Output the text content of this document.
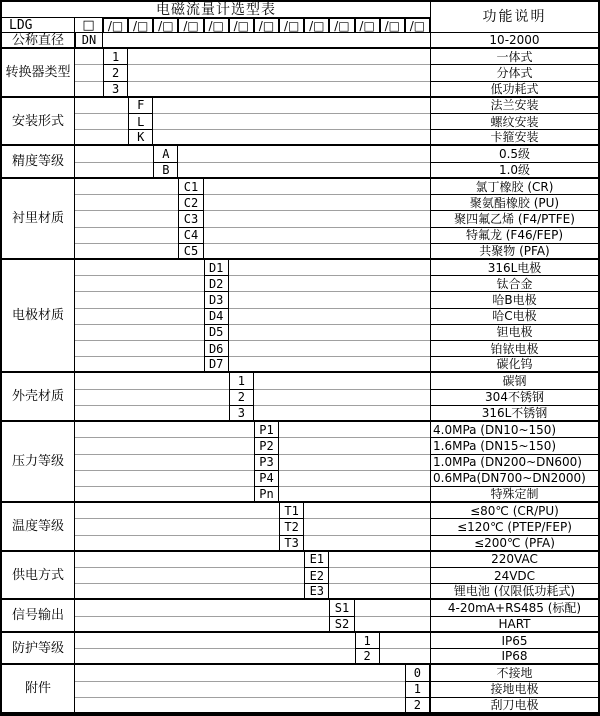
电磁流量计选型表	功能说明
LDG	□	/□ /□ /□ /□ /□ /□ /□ /□ /□ /□ /□ /□ /□
公称直径	DN	10-2000
转换器类型
1	一体式
2	分体式
3	低功耗式
安装形式
F	法兰安装
L	螺纹安装
K	卡箍安装
精度等级
A	0.5级
B	1.0级
衬里材质
C1	氯丁橡胶 (CR)
C2	聚氨酯橡胶 (PU)
C3	聚四氟乙烯 (F4/PTFE)
C4	特氟龙 (F46/FEP)
C5	共聚物 (PFA)
电极材质
D1	316L电极
D2	钛合金
D3	哈B电极
D4	哈C电极
D5	钽电极
D6	铂铱电极
D7	碳化钨
外壳材质
1	碳钢
2	304不锈钢
3	316L不锈钢
压力等级
P1	4.0MPa (DN10~150)
P2	1.6MPa (DN15~150)
P3	1.0MPa (DN200~DN600)
P4	0.6MPa(DN700~DN2000)
Pn	特殊定制
温度等级
T1	≤80℃ (CR/PU)
T2	≤120℃ (PTEP/FEP)
T3	≤200℃ (PFA)
供电方式
E1	220VAC
E2	24VDC
E3	锂电池 (仅限低功耗式)
信号输出
S1	4-20mA+RS485 (标配)
S2	HART
防护等级
1	IP65
2	IP68
附件
0	不接地
1	接地电极
2	刮刀电极
